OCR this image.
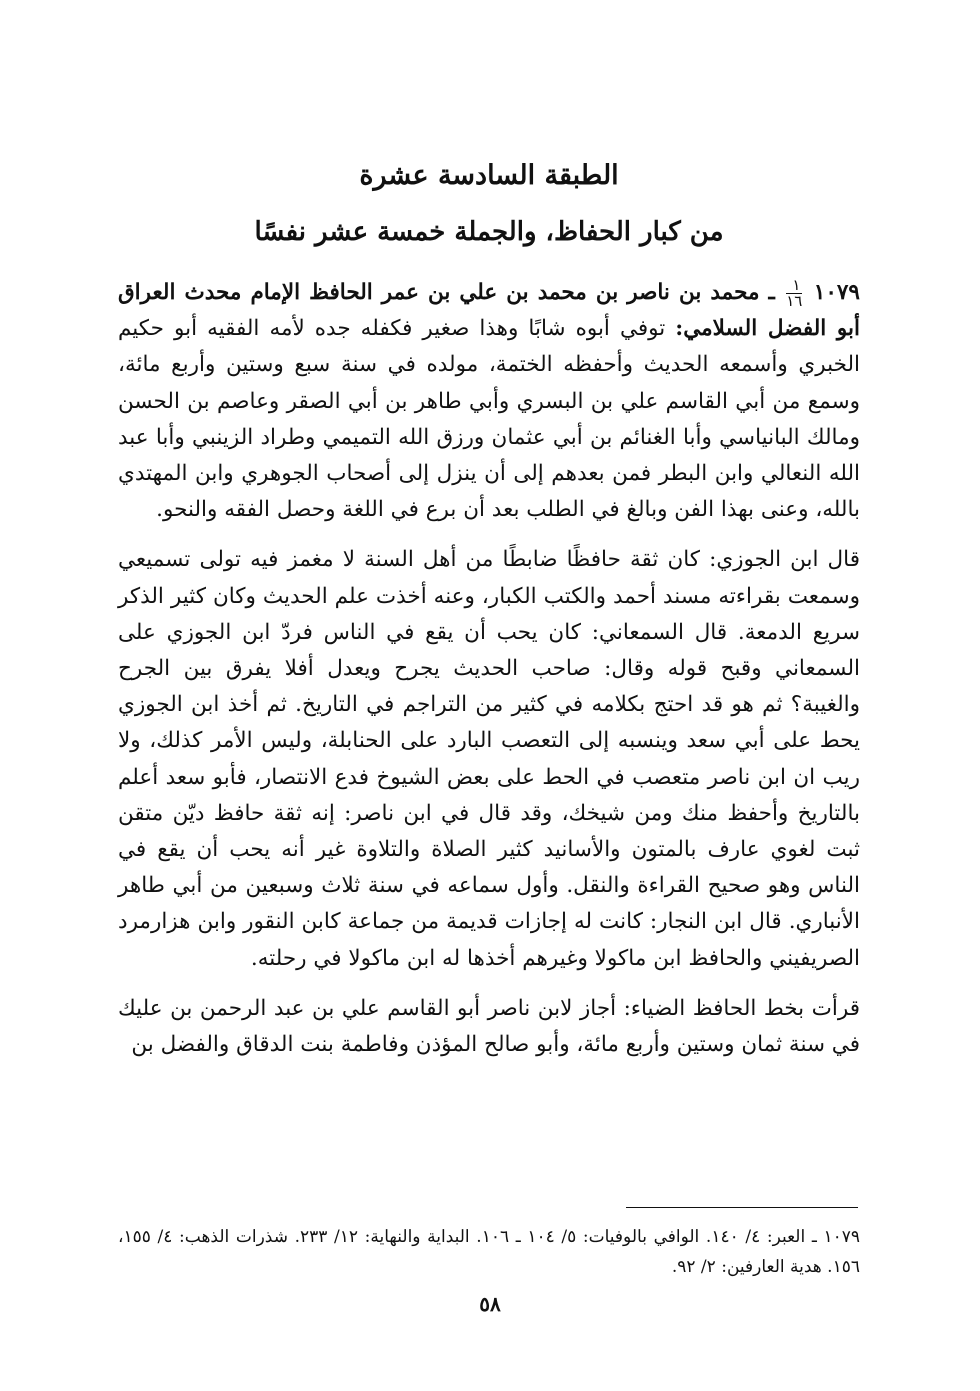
الطبقة السادسة عشرة
من كبار الحفاظ، والجملة خمسة عشر نفسًا

١٠٧٩
$\frac{١}{١٦}$
ـ محمد بن ناصر بن محمد بن علي بن عمر الحافظ الإمام محدث العراق أبو الفضل السلامي: توفي أبوه شابًا وهذا صغير فكفله جده لأمه الفقيه أبو حكيم الخبري وأسمعه الحديث وأحفظه الختمة، مولده في سنة سبع وستين وأربع مائة، وسمع من أبي القاسم علي بن البسري وأبي طاهر بن أبي الصقر وعاصم بن الحسن ومالك البانياسي وأبا الغنائم بن أبي عثمان ورزق الله التميمي وطراد الزينبي وأبا عبد الله النعالي وابن البطر فمن بعدهم إلى أن ينزل إلى أصحاب الجوهري وابن المهتدي بالله، وعنى بهذا الفن وبالغ في الطلب بعد أن برع في اللغة وحصل الفقه والنحو.

قال ابن الجوزي: كان ثقة حافظًا ضابطًا من أهل السنة لا مغمز فيه تولى تسميعي وسمعت بقراءته مسند أحمد والكتب الكبار، وعنه أخذت علم الحديث وكان كثير الذكر سريع الدمعة. قال السمعاني: كان يحب أن يقع في الناس فردّ ابن الجوزي على السمعاني وقبح قوله وقال: صاحب الحديث يجرح ويعدل أفلا يفرق بين الجرح والغيبة؟ ثم هو قد احتج بكلامه في كثير من التراجم في التاريخ. ثم أخذ ابن الجوزي يحط على أبي سعد وينسبه إلى التعصب البارد على الحنابلة، وليس الأمر كذلك، ولا ريب ان ابن ناصر متعصب في الحط على بعض الشيوخ فدع الانتصار، فأبو سعد أعلم بالتاريخ وأحفظ منك ومن شيخك، وقد قال في ابن ناصر: إنه ثقة حافظ ديّن متقن ثبت لغوي عارف بالمتون والأسانيد كثير الصلاة والتلاوة غير أنه يحب أن يقع في الناس وهو صحيح القراءة والنقل. وأول سماعه في سنة ثلاث وسبعين من أبي طاهر الأنباري. قال ابن النجار: كانت له إجازات قديمة من جماعة كابن النقور وابن هزارمرد الصريفيني والحافظ ابن ماكولا وغيرهم أخذها له ابن ماكولا في رحلته.

قرأت بخط الحافظ الضياء: أجاز لابن ناصر أبو القاسم علي بن عبد الرحمن بن عليك في سنة ثمان وستين وأربع مائة، وأبو صالح المؤذن وفاطمة بنت الدقاق والفضل بن

١٠٧٩ ـ العبر: ٤/ ١٤٠. الوافي بالوفيات: ٥/ ١٠٤ ـ ١٠٦. البداية والنهاية: ١٢/ ٢٣٣. شذرات الذهب: ٤/ ١٥٥، ١٥٦. هدية العارفين: ٢/ ٩٢.
٥٨
